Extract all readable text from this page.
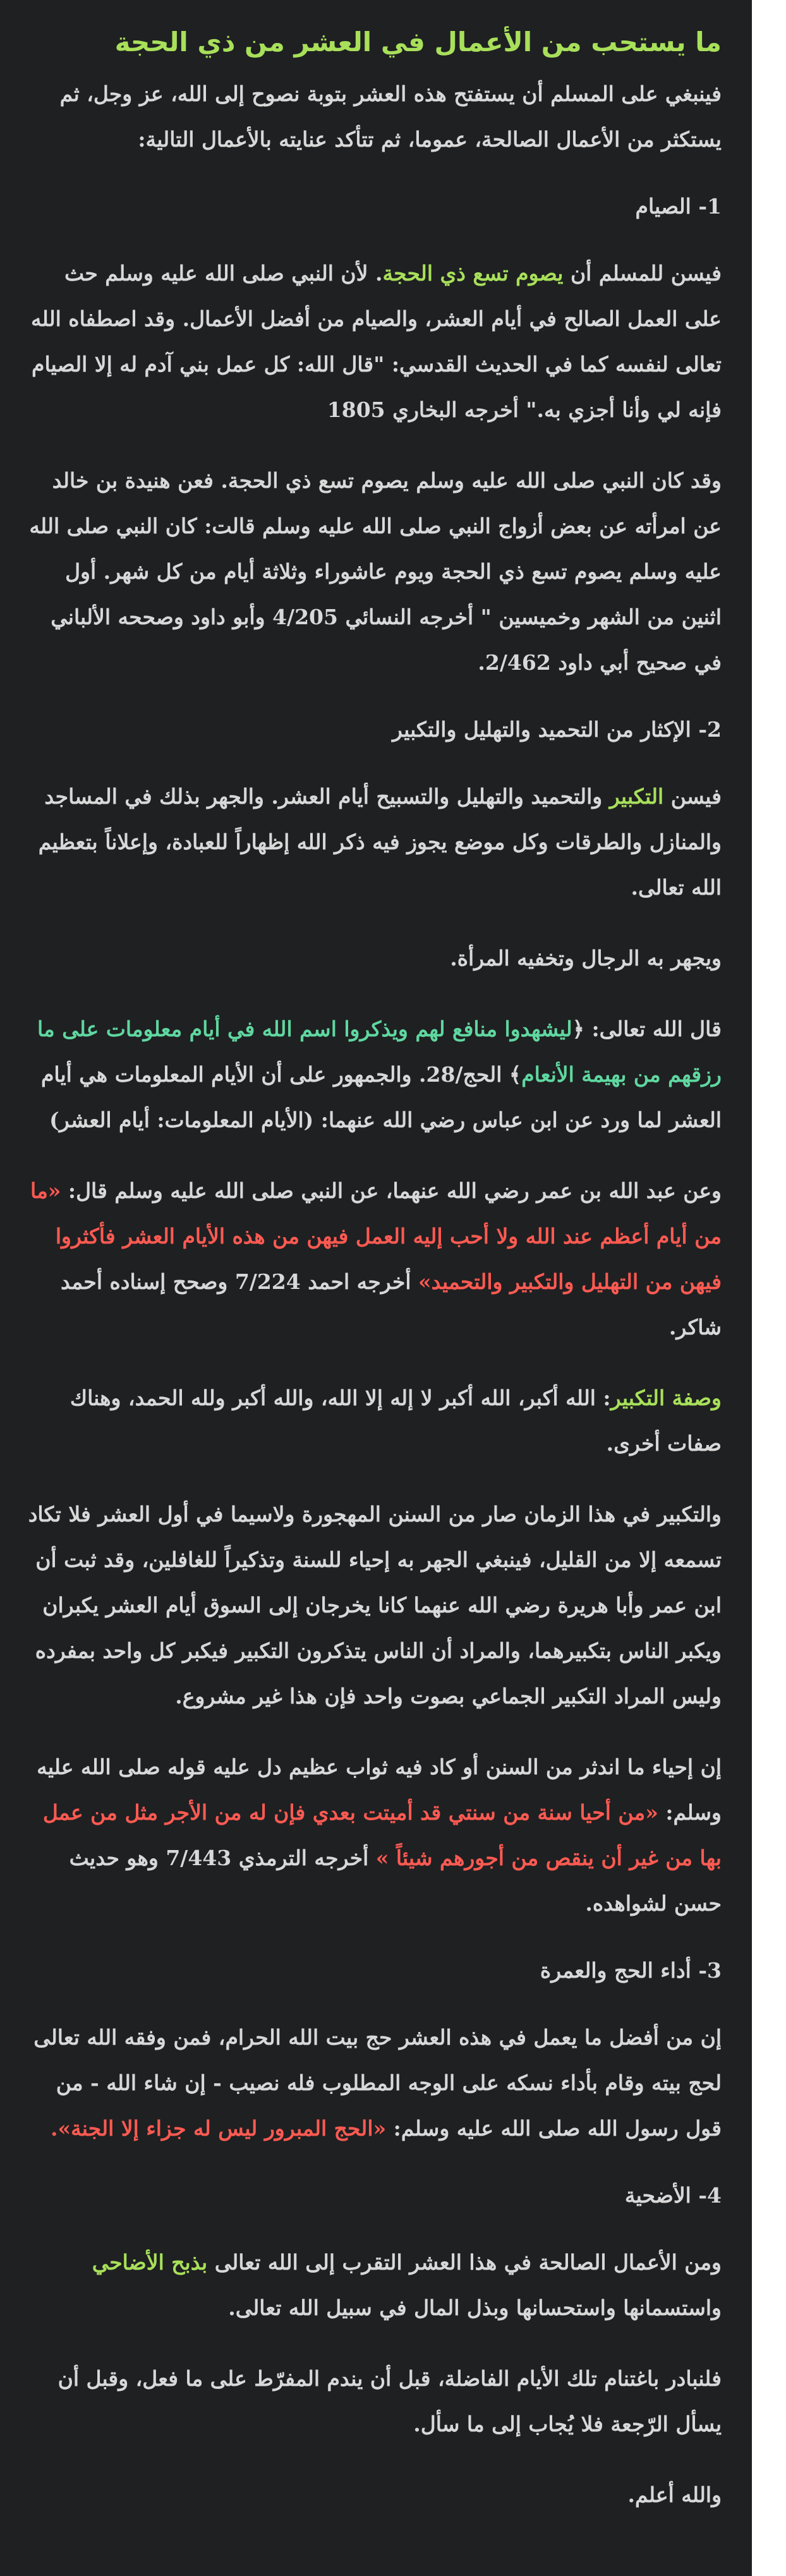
ما يستحب من الأعمال في العشر من ذي الحجة

فينبغي على المسلم أن يستفتح هذه العشر بتوبة نصوح إلى الله، عز وجل، ثم يستكثر من الأعمال الصالحة، عموما، ثم تتأكد عنايته بالأعمال التالية:

1- الصيام

فيسن للمسلم أن يصوم تسع ذي الحجة. لأن النبي صلى الله عليه وسلم حث على العمل الصالح في أيام العشر، والصيام من أفضل الأعمال. وقد اصطفاه الله تعالى لنفسه كما في الحديث القدسي: "قال الله: كل عمل بني آدم له إلا الصيام فإنه لي وأنا أجزي به." أخرجه البخاري 1805

وقد كان النبي صلى الله عليه وسلم يصوم تسع ذي الحجة. فعن هنيدة بن خالد عن امرأته عن بعض أزواج النبي صلى الله عليه وسلم قالت: كان النبي صلى الله عليه وسلم يصوم تسع ذي الحجة ويوم عاشوراء وثلاثة أيام من كل شهر. أول اثنين من الشهر وخميسين " أخرجه النسائي 4/205 وأبو داود وصححه الألباني في صحيح أبي داود 2/462.

2- الإكثار من التحميد والتهليل والتكبير

فيسن التكبير والتحميد والتهليل والتسبيح أيام العشر. والجهر بذلك في المساجد والمنازل والطرقات وكل موضع يجوز فيه ذكر الله إظهاراً للعبادة، وإعلاناً بتعظيم الله تعالى.

ويجهر به الرجال وتخفيه المرأة.

قال الله تعالى: ﴿ليشهدوا منافع لهم ويذكروا اسم الله في أيام معلومات على ما رزقهم من بهيمة الأنعام﴾ الحج/28. والجمهور على أن الأيام المعلومات هي أيام العشر لما ورد عن ابن عباس رضي الله عنهما: (الأيام المعلومات: أيام العشر)

وعن عبد الله بن عمر رضي الله عنهما، عن النبي صلى الله عليه وسلم قال: «ما من أيام أعظم عند الله ولا أحب إليه العمل فيهن من هذه الأيام العشر فأكثروا فيهن من التهليل والتكبير والتحميد» أخرجه احمد 7/224 وصحح إسناده أحمد شاكر.

وصفة التكبير: الله أكبر، الله أكبر لا إله إلا الله، والله أكبر ولله الحمد، وهناك صفات أخرى.

والتكبير في هذا الزمان صار من السنن المهجورة ولاسيما في أول العشر فلا تكاد تسمعه إلا من القليل، فينبغي الجهر به إحياء للسنة وتذكيراً للغافلين، وقد ثبت أن ابن عمر وأبا هريرة رضي الله عنهما كانا يخرجان إلى السوق أيام العشر يكبران ويكبر الناس بتكبيرهما، والمراد أن الناس يتذكرون التكبير فيكبر كل واحد بمفرده وليس المراد التكبير الجماعي بصوت واحد فإن هذا غير مشروع.

إن إحياء ما اندثر من السنن أو كاد فيه ثواب عظيم دل عليه قوله صلى الله عليه وسلم: «من أحيا سنة من سنتي قد أميتت بعدي فإن له من الأجر مثل من عمل بها من غير أن ينقص من أجورهم شيئاً » أخرجه الترمذي 7/443 وهو حديث حسن لشواهده.

3- أداء الحج والعمرة

إن من أفضل ما يعمل في هذه العشر حج بيت الله الحرام، فمن وفقه الله تعالى لحج بيته وقام بأداء نسكه على الوجه المطلوب فله نصيب - إن شاء الله - من قول رسول الله صلى الله عليه وسلم: «الحج المبرور ليس له جزاء إلا الجنة».

4- الأضحية

ومن الأعمال الصالحة في هذا العشر التقرب إلى الله تعالى بذبح الأضاحي واستسمانها واستحسانها وبذل المال في سبيل الله تعالى.

فلنبادر باغتنام تلك الأيام الفاضلة، قبل أن يندم المفرّط على ما فعل، وقبل أن يسأل الرّجعة فلا يُجاب إلى ما سأل.

والله أعلم.
